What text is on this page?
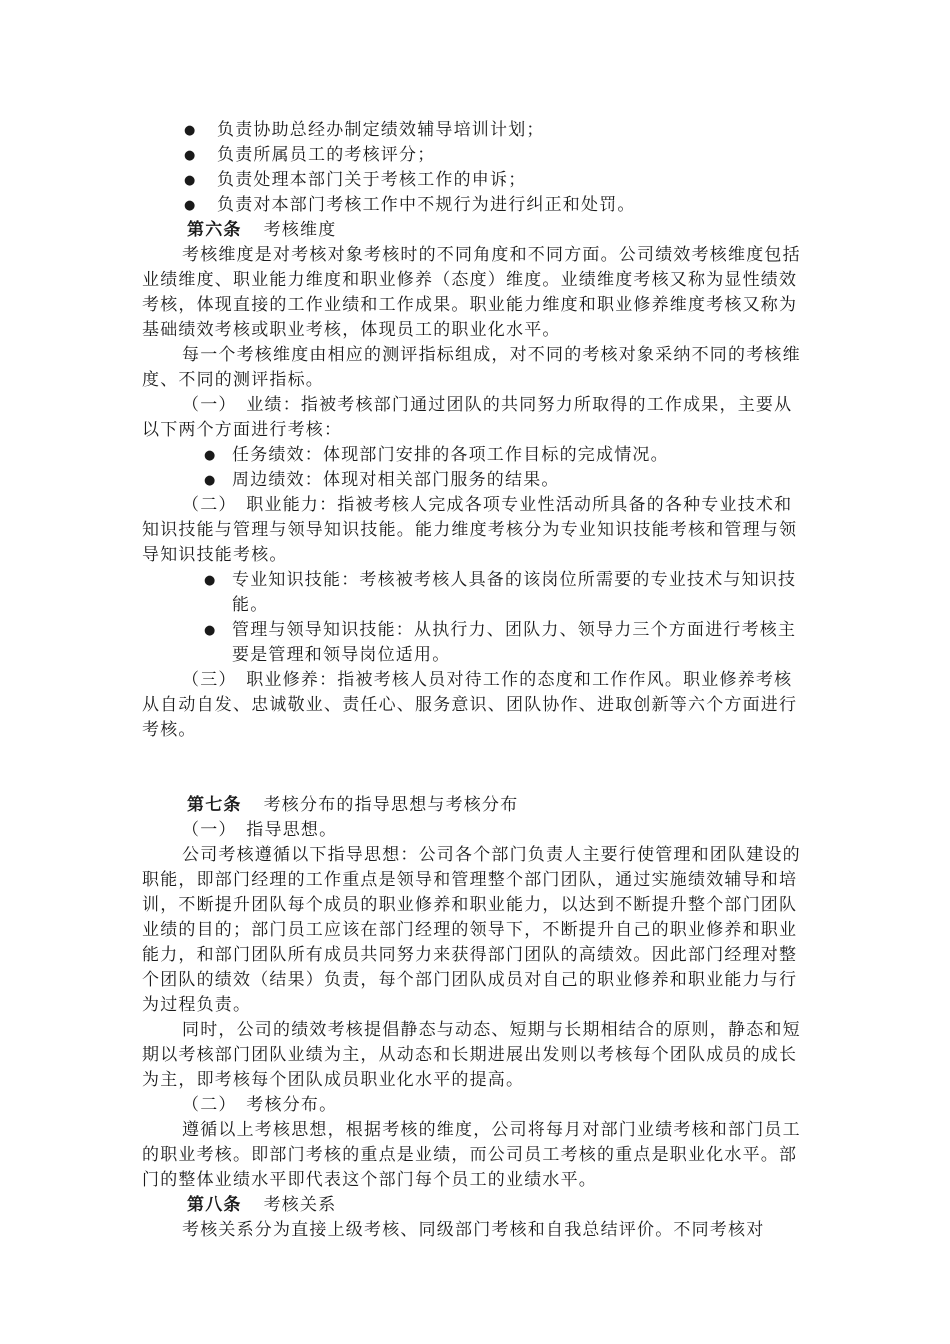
● 负责协助总经办制定绩效辅导培训计划；

● 负责所属员工的考核评分；

● 负责处理本部门关于考核工作的申诉；

● 负责对本部门考核工作中不规行为进行纠正和处罚。

第六条 考核维度

考核维度是对考核对象考核时的不同角度和不同方面。公司绩效考核维度包括业绩维度、职业能力维度和职业修养（态度）维度。业绩维度考核又称为显性绩效考核，体现直接的工作业绩和工作成果。职业能力维度和职业修养维度考核又称为基础绩效考核或职业考核，体现员工的职业化水平。

每一个考核维度由相应的测评指标组成，对不同的考核对象采纳不同的考核维度、不同的测评指标。

（一）　业绩：指被考核部门通过团队的共同努力所取得的工作成果，主要从以下两个方面进行考核：

● 任务绩效：体现部门安排的各项工作目标的完成情况。

● 周边绩效：体现对相关部门服务的结果。

（二）　职业能力：指被考核人完成各项专业性活动所具备的各种专业技术和知识技能与管理与领导知识技能。能力维度考核分为专业知识技能考核和管理与领导知识技能考核。

● 专业知识技能：考核被考核人具备的该岗位所需要的专业技术与知识技能。

● 管理与领导知识技能：从执行力、团队力、领导力三个方面进行考核主要是管理和领导岗位适用。

（三）　职业修养：指被考核人员对待工作的态度和工作作风。职业修养考核从自动自发、忠诚敬业、责任心、服务意识、团队协作、进取创新等六个方面进行考核。

第七条 考核分布的指导思想与考核分布

（一）　指导思想。

公司考核遵循以下指导思想：公司各个部门负责人主要行使管理和团队建设的职能，即部门经理的工作重点是领导和管理整个部门团队，通过实施绩效辅导和培训，不断提升团队每个成员的职业修养和职业能力，以达到不断提升整个部门团队业绩的目的；部门员工应该在部门经理的领导下，不断提升自己的职业修养和职业能力，和部门团队所有成员共同努力来获得部门团队的高绩效。因此部门经理对整个团队的绩效（结果）负责，每个部门团队成员对自己的职业修养和职业能力与行为过程负责。

同时，公司的绩效考核提倡静态与动态、短期与长期相结合的原则，静态和短期以考核部门团队业绩为主，从动态和长期进展出发则以考核每个团队成员的成长为主，即考核每个团队成员职业化水平的提高。

（二）　考核分布。

遵循以上考核思想，根据考核的维度，公司将每月对部门业绩考核和部门员工的职业考核。即部门考核的重点是业绩，而公司员工考核的重点是职业化水平。部门的整体业绩水平即代表这个部门每个员工的业绩水平。

第八条 考核关系

考核关系分为直接上级考核、同级部门考核和自我总结评价。不同考核对
